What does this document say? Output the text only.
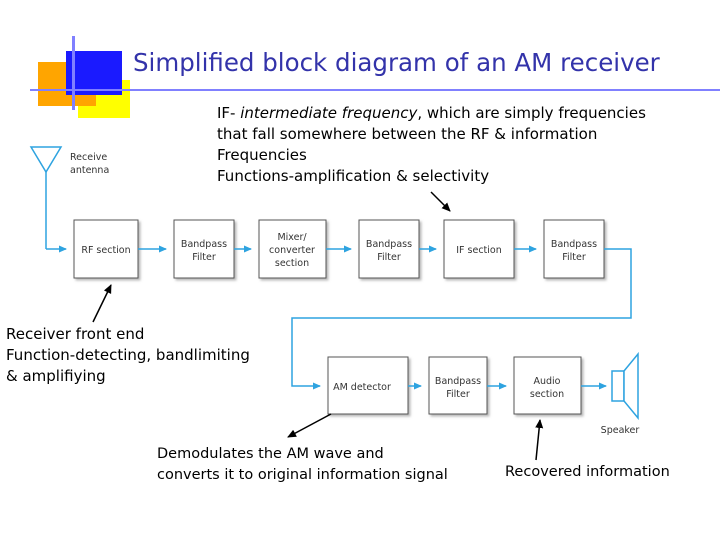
Simplified block diagram of an AM receiver
IF- intermediate frequency, which are simply frequencies
that fall somewhere between the RF & information
Frequencies
Functions-amplification & selectivity
Receive
antenna
RF section
Bandpass
Filter
Mixer/
converter
section
Bandpass
Filter
IF section
Bandpass
Filter
AM detector
Bandpass
Filter
Audio
section
Speaker
Receiver front end
Function-detecting, bandlimiting
& amplifiying
Demodulates the AM wave and
converts it to original information signal	Recovered information
